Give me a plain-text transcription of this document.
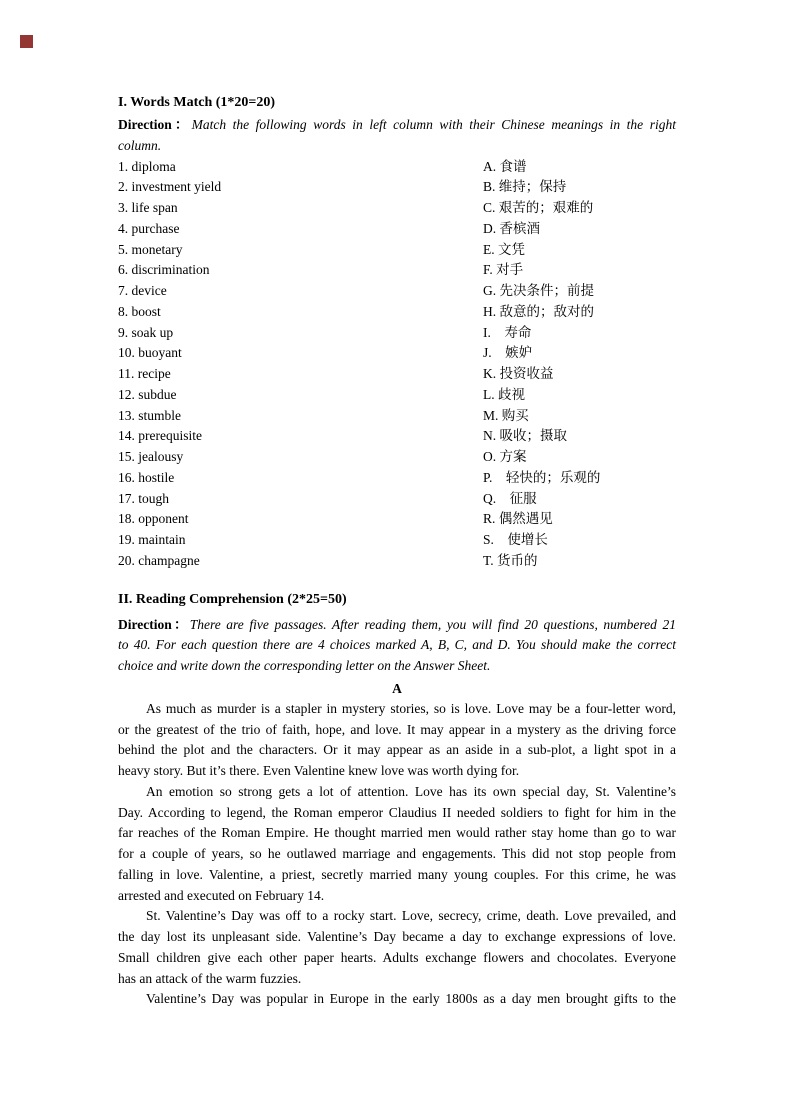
I. Words Match (1*20=20)
Direction：Match the following words in left column with their Chinese meanings in the right
column.
1. diploma	A. 食谱
2. investment yield	B. 维持；保持
3. life span	C. 艰苦的；艰难的
4. purchase	D. 香槟酒
5. monetary	E. 文凭
6. discrimination	F. 对手
7. device	G. 先决条件；前提
8. boost	H. 敌意的；敌对的
9. soak up	I.　寿命
10. buoyant	J.　嫉妒
11. recipe	K. 投资收益
12. subdue	L. 歧视
13. stumble	M. 购买
14. prerequisite	N. 吸收；摄取
15. jealousy	O. 方案
16. hostile	P.　轻快的；乐观的
17. tough	Q.　征服
18. opponent	R. 偶然遇见
19. maintain	S.　使增长
20. champagne	T. 货币的
II. Reading Comprehension (2*25=50)
Direction：There are five passages. After reading them, you will find 20 questions, numbered 21
to 40. For each question there are 4 choices marked A, B, C, and D. You should make the correct
choice and write down the corresponding letter on the Answer Sheet.
A
As much as murder is a stapler in mystery stories, so is love. Love may be a four-letter word,
or the greatest of the trio of faith, hope, and love. It may appear in a mystery as the driving force
behind the plot and the characters. Or it may appear as an aside in a sub-plot, a light spot in a
heavy story. But it’s there. Even Valentine knew love was worth dying for.
An emotion so strong gets a lot of attention. Love has its own special day, St. Valentine’s
Day. According to legend, the Roman emperor Claudius II needed soldiers to fight for him in the
far reaches of the Roman Empire. He thought married men would rather stay home than go to war
for a couple of years, so he outlawed marriage and engagements. This did not stop people from
falling in love. Valentine, a priest, secretly married many young couples. For this crime, he was
arrested and executed on February 14.
St. Valentine’s Day was off to a rocky start. Love, secrecy, crime, death. Love prevailed, and
the day lost its unpleasant side. Valentine’s Day became a day to exchange expressions of love.
Small children give each other paper hearts. Adults exchange flowers and chocolates. Everyone
has an attack of the warm fuzzies.
Valentine’s Day was popular in Europe in the early 1800s as a day men brought gifts to the
